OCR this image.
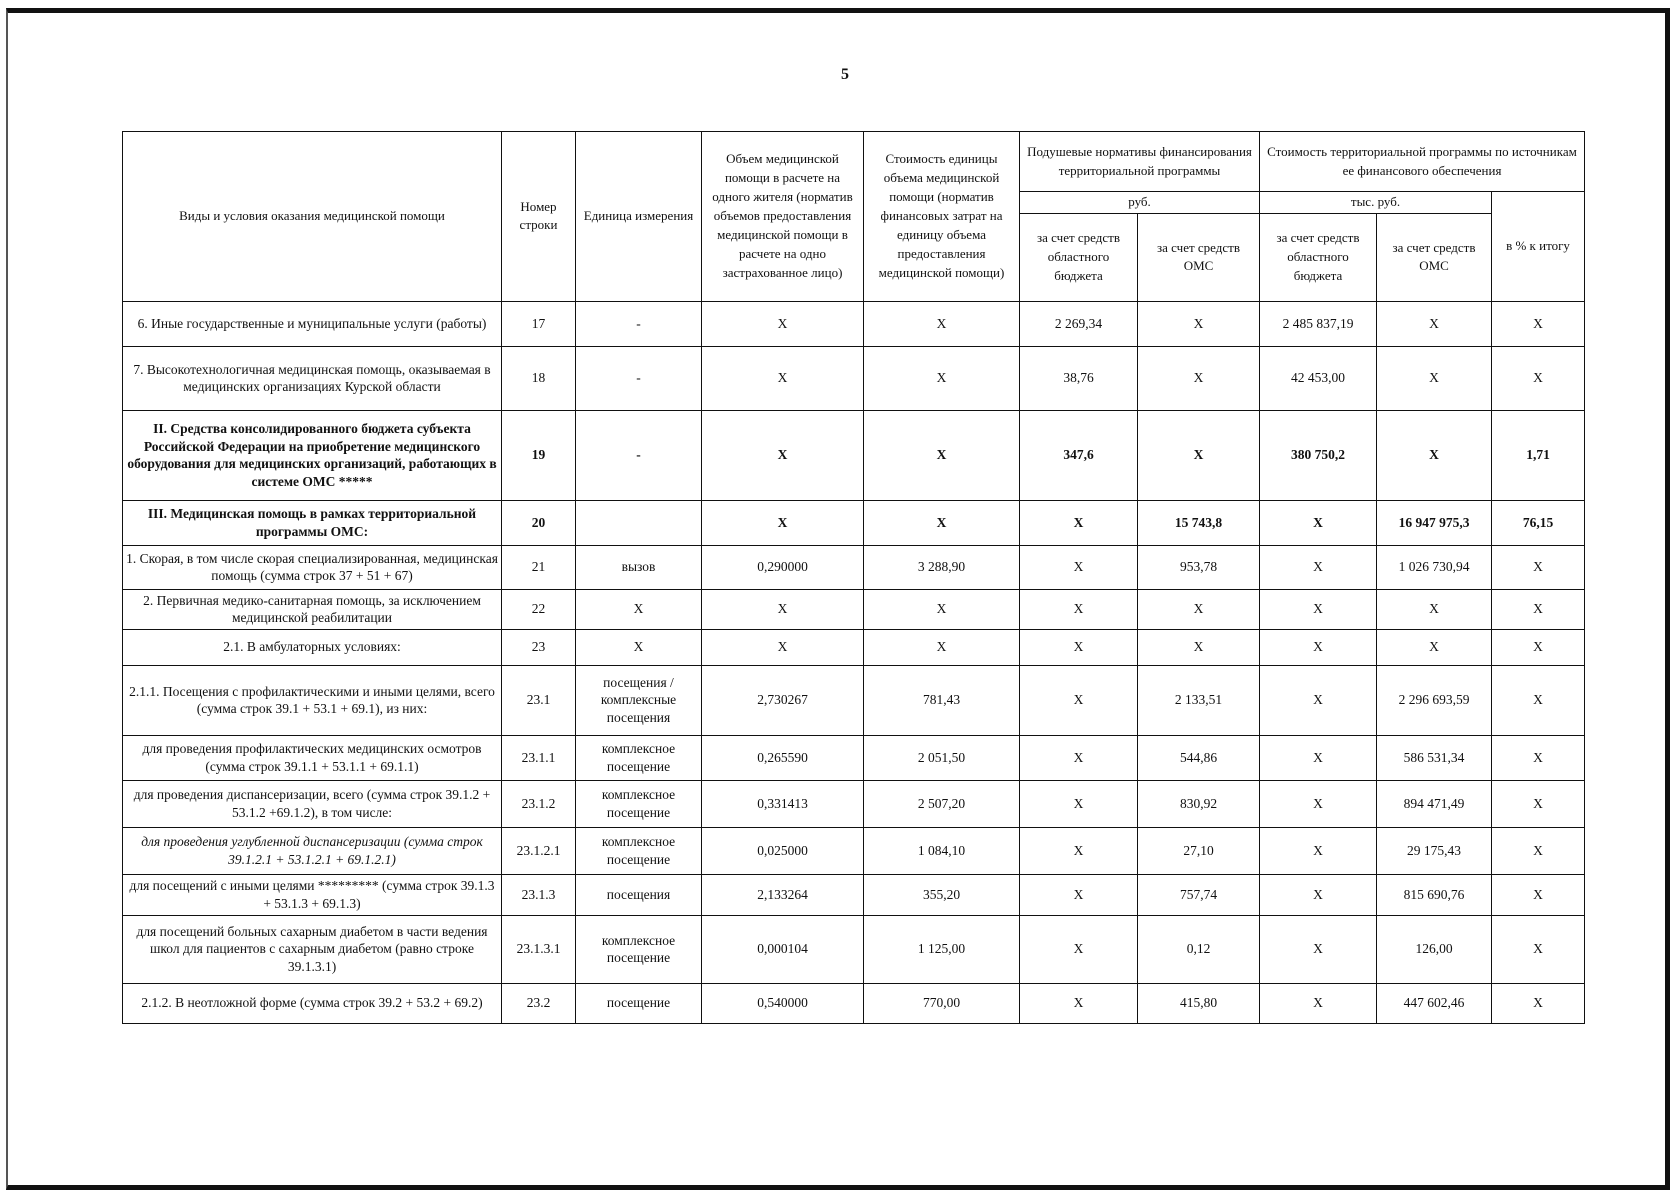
5
Виды и условия оказания медицинской помощи	Номер строки	Единица измерения	Объем медицинской помощи в расчете на одного жителя (норматив объемов предоставления медицинской помощи в расчете на одно застрахованное лицо)	Стоимость единицы объема медицинской помощи (норматив финансовых затрат на единицу объема предоставления медицинской помощи)	Подушевые нормативы финансирования территориальной программы		Стоимость территориальной программы по источникам ее финансового обеспечения		
					руб.		тыс. руб.		в % к итогу
					за счет средств областного бюджета	за счет средств ОМС	за счет средств областного бюджета	за счет средств ОМС	
6. Иные государственные и муниципальные услуги (работы)	17	-	Х	Х	2 269,34	Х	2 485 837,19	Х	Х
7. Высокотехнологичная медицинская помощь, оказываемая в медицинских организациях Курской области	18	-	Х	Х	38,76	Х	42 453,00	Х	Х
II. Средства консолидированного бюджета субъекта Российской Федерации на приобретение медицинского оборудования для медицинских организаций, работающих в системе ОМС *****	19	-	Х	Х	347,6	Х	380 750,2	Х	1,71
III. Медицинская помощь в рамках территориальной программы ОМС:	20		Х	Х	Х	15 743,8	Х	16 947 975,3	76,15
1. Скорая, в том числе скорая специализированная, медицинская помощь (сумма строк 37 + 51 + 67)	21	вызов	0,290000	3 288,90	Х	953,78	Х	1 026 730,94	Х
2. Первичная медико-санитарная помощь, за исключением медицинской реабилитации	22	Х	Х	Х	Х	Х	Х	Х	Х
2.1. В амбулаторных условиях:	23	Х	Х	Х	Х	Х	Х	Х	Х
2.1.1. Посещения с профилактическими и иными целями, всего (сумма строк 39.1 + 53.1 + 69.1), из них:	23.1	посещения / комплексные посещения	2,730267	781,43	Х	2 133,51	Х	2 296 693,59	Х
для проведения профилактических медицинских осмотров (сумма строк 39.1.1 + 53.1.1 + 69.1.1)	23.1.1	комплексное посещение	0,265590	2 051,50	Х	544,86	Х	586 531,34	Х
для проведения диспансеризации, всего (сумма строк 39.1.2 + 53.1.2 +69.1.2), в том числе:	23.1.2	комплексное посещение	0,331413	2 507,20	Х	830,92	Х	894 471,49	Х
для проведения углубленной диспансеризации (сумма строк 39.1.2.1 + 53.1.2.1 + 69.1.2.1)	23.1.2.1	комплексное посещение	0,025000	1 084,10	Х	27,10	Х	29 175,43	Х
для посещений с иными целями ********* (сумма строк 39.1.3 + 53.1.3 + 69.1.3)	23.1.3	посещения	2,133264	355,20	Х	757,74	Х	815 690,76	Х
для посещений больных сахарным диабетом в части ведения школ для пациентов с сахарным диабетом (равно строке 39.1.3.1)	23.1.3.1	комплексное посещение	0,000104	1 125,00	Х	0,12	Х	126,00	Х
2.1.2. В неотложной форме (сумма строк 39.2 + 53.2 + 69.2)	23.2	посещение	0,540000	770,00	Х	415,80	Х	447 602,46	Х
